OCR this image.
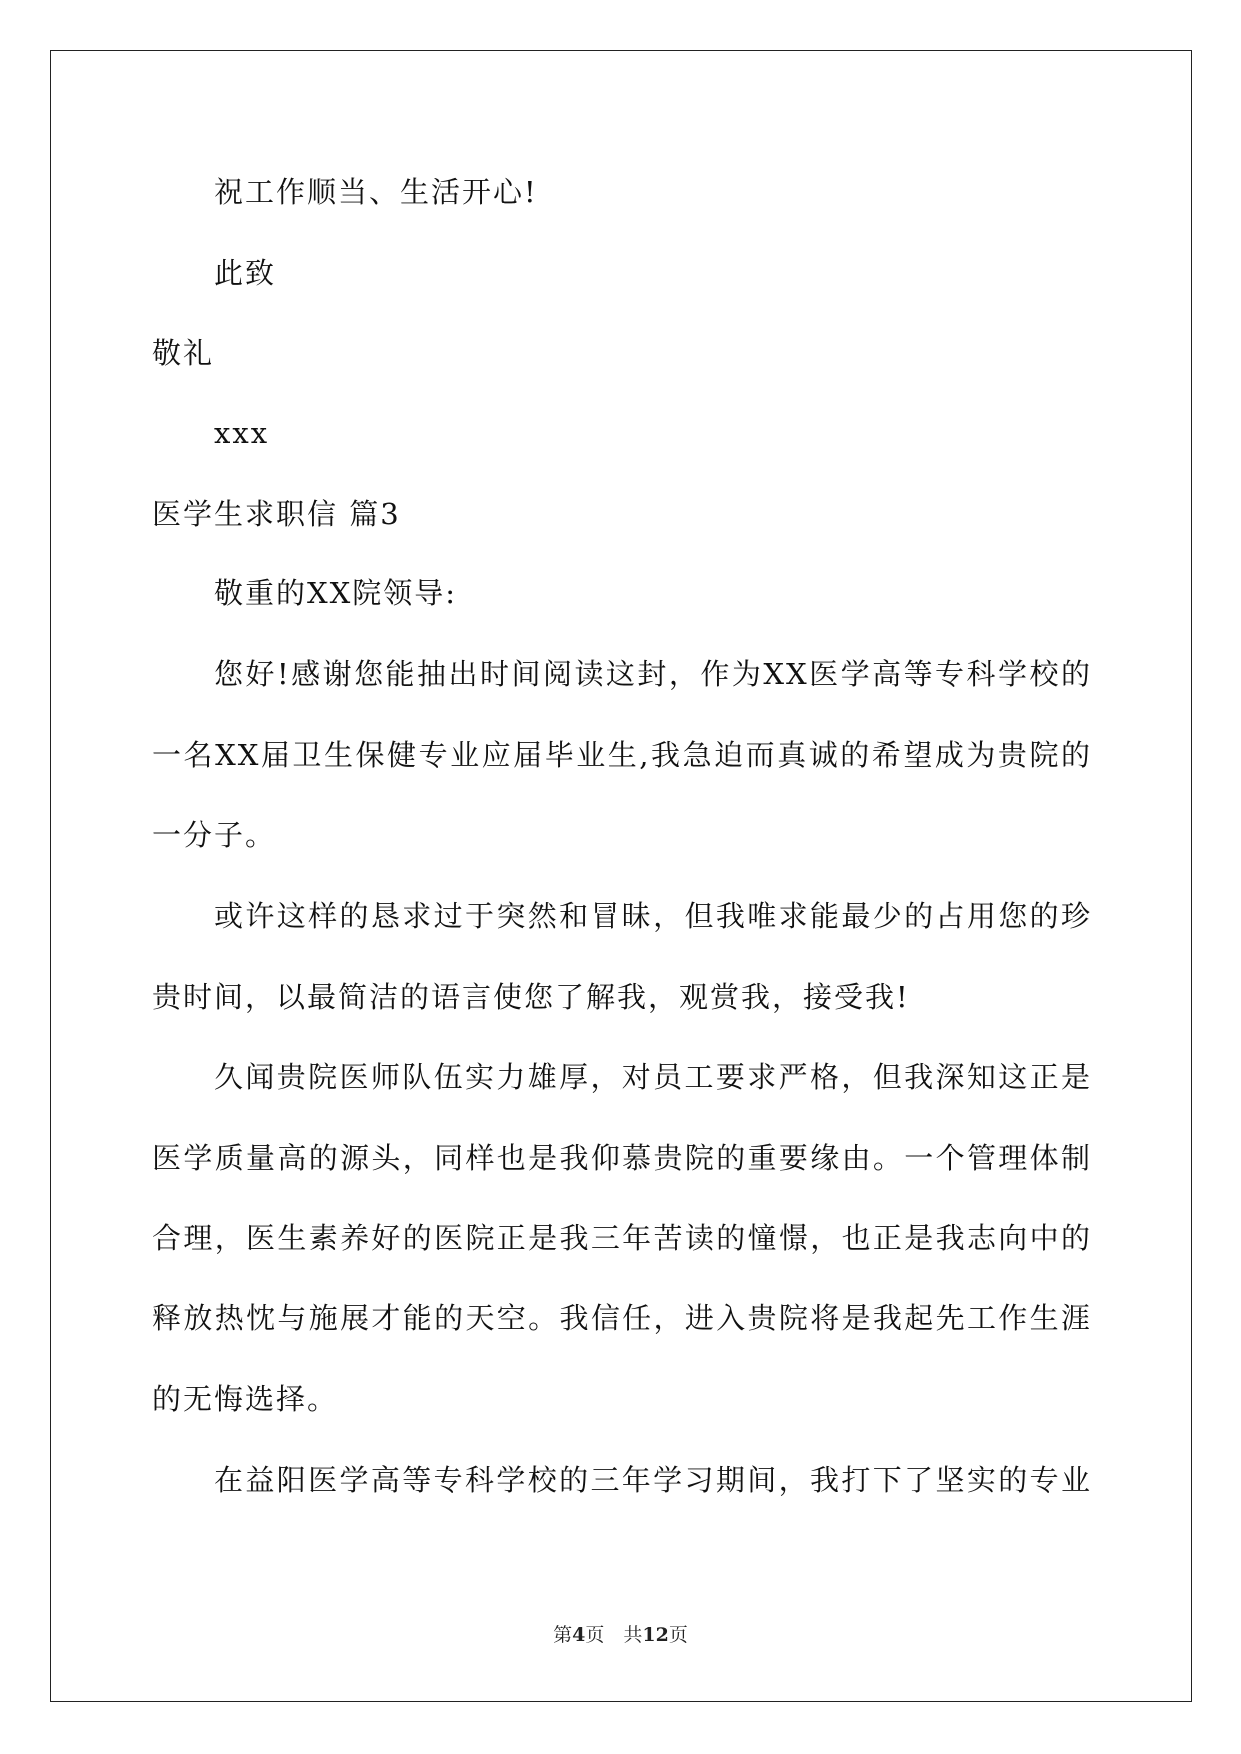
祝工作顺当、生活开心!
此致
敬礼
xxx
医学生求职信 篇3
敬重的XX院领导:
您好!感谢您能抽出时间阅读这封，作为XX医学高等专科学校的
一名XX届卫生保健专业应届毕业生,我急迫而真诚的希望成为贵院的
一分子。
或许这样的恳求过于突然和冒昧，但我唯求能最少的占用您的珍
贵时间，以最简洁的语言使您了解我，观赏我，接受我!
久闻贵院医师队伍实力雄厚，对员工要求严格，但我深知这正是
医学质量高的源头，同样也是我仰慕贵院的重要缘由。一个管理体制
合理，医生素养好的医院正是我三年苦读的憧憬，也正是我志向中的
释放热忱与施展才能的天空。我信任，进入贵院将是我起先工作生涯
的无悔选择。
在益阳医学高等专科学校的三年学习期间，我打下了坚实的专业
第4页　共12页
